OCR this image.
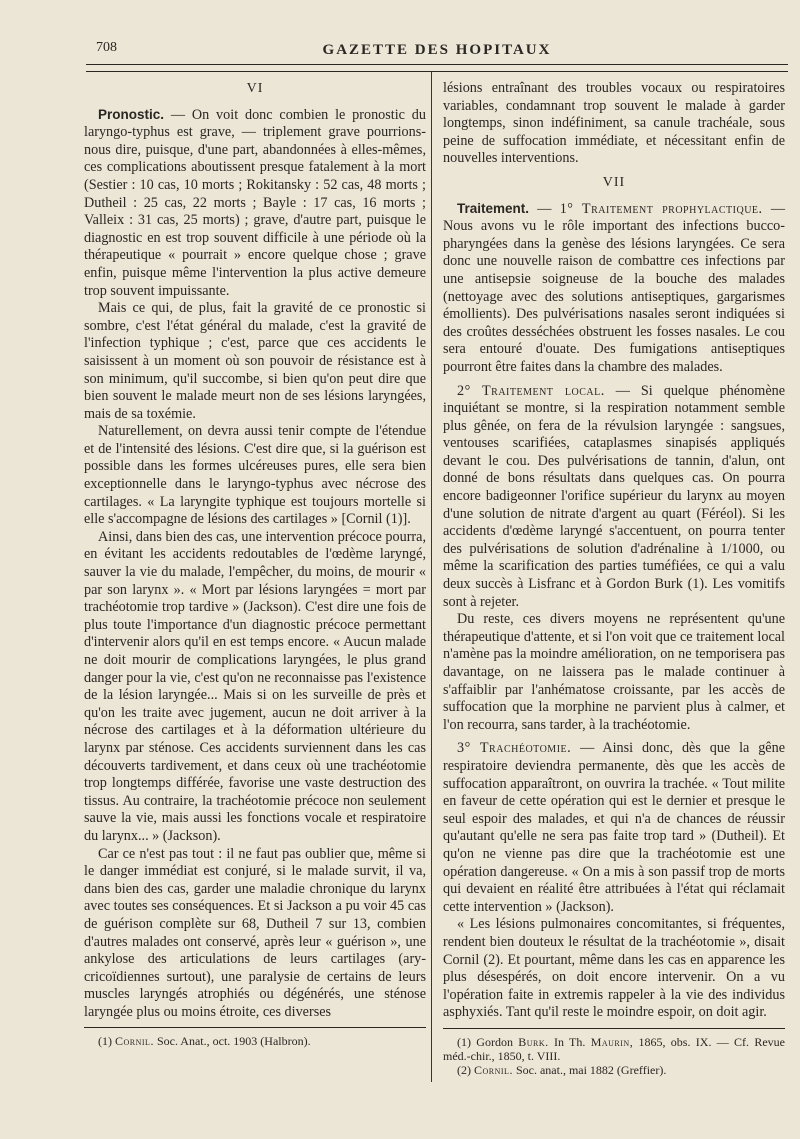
708	GAZETTE DES HOPITAUX
VI

Pronostic. — On voit donc combien le pronostic du laryngo-typhus est grave, — triplement grave pourrions-nous dire, puisque, d'une part, abandonnées à elles-mêmes, ces complications aboutissent presque fatalement à la mort (Sestier : 10 cas, 10 morts ; Rokitansky : 52 cas, 48 morts ; Dutheil : 25 cas, 22 morts ; Bayle : 17 cas, 16 morts ; Valleix : 31 cas, 25 morts) ; grave, d'autre part, puisque le diagnostic en est trop souvent difficile à une période où la thérapeutique « pourrait » encore quelque chose ; grave enfin, puisque même l'intervention la plus active demeure trop souvent impuissante.

Mais ce qui, de plus, fait la gravité de ce pronostic si sombre, c'est l'état général du malade, c'est la gravité de l'infection typhique ; c'est, parce que ces accidents le saisissent à un moment où son pouvoir de résistance est à son minimum, qu'il succombe, si bien qu'on peut dire que bien souvent le malade meurt non de ses lésions laryngées, mais de sa toxémie.

Naturellement, on devra aussi tenir compte de l'étendue et de l'intensité des lésions. C'est dire que, si la guérison est possible dans les formes ulcéreuses pures, elle sera bien exceptionnelle dans le laryngo-typhus avec nécrose des cartilages. « La laryngite typhique est toujours mortelle si elle s'accompagne de lésions des cartilages » [Cornil (1)].

Ainsi, dans bien des cas, une intervention précoce pourra, en évitant les accidents redoutables de l'œdème laryngé, sauver la vie du malade, l'empêcher, du moins, de mourir « par son larynx ». « Mort par lésions laryngées = mort par trachéotomie trop tardive » (Jackson). C'est dire une fois de plus toute l'importance d'un diagnostic précoce permettant d'intervenir alors qu'il en est temps encore. « Aucun malade ne doit mourir de complications laryngées, le plus grand danger pour la vie, c'est qu'on ne reconnaisse pas l'existence de la lésion laryngée... Mais si on les surveille de près et qu'on les traite avec jugement, aucun ne doit arriver à la nécrose des cartilages et à la déformation ultérieure du larynx par sténose. Ces accidents surviennent dans les cas découverts tardivement, et dans ceux où une trachéotomie trop longtemps différée, favorise une vaste destruction des tissus. Au contraire, la trachéotomie précoce non seulement sauve la vie, mais aussi les fonctions vocale et respiratoire du larynx... » (Jackson).

Car ce n'est pas tout : il ne faut pas oublier que, même si le danger immédiat est conjuré, si le malade survit, il va, dans bien des cas, garder une maladie chronique du larynx avec toutes ses conséquences. Et si Jackson a pu voir 45 cas de guérison complète sur 68, Dutheil 7 sur 13, combien d'autres malades ont conservé, après leur « guérison », une ankylose des articulations de leurs cartilages (ary-cricoïdiennes surtout), une paralysie de certains de leurs muscles laryngés atrophiés ou dégénérés, une sténose laryngée plus ou moins étroite, ces diverses

(1) Cornil. Soc. Anat., oct. 1903 (Halbron).

lésions entraînant des troubles vocaux ou respiratoires variables, condamnant trop souvent le malade à garder longtemps, sinon indéfiniment, sa canule trachéale, sous peine de suffocation immédiate, et nécessitant enfin de nouvelles interventions.

VII

Traitement. — 1° Traitement prophylactique. — Nous avons vu le rôle important des infections bucco-pharyngées dans la genèse des lésions laryngées. Ce sera donc une nouvelle raison de combattre ces infections par une antisepsie soigneuse de la bouche des malades (nettoyage avec des solutions antiseptiques, gargarismes émollients). Des pulvérisations nasales seront indiquées si des croûtes desséchées obstruent les fosses nasales. Le cou sera entouré d'ouate. Des fumigations antiseptiques pourront être faites dans la chambre des malades.

2° Traitement local. — Si quelque phénomène inquiétant se montre, si la respiration notamment semble plus gênée, on fera de la révulsion laryngée : sangsues, ventouses scarifiées, cataplasmes sinapisés appliqués devant le cou. Des pulvérisations de tannin, d'alun, ont donné de bons résultats dans quelques cas. On pourra encore badigeonner l'orifice supérieur du larynx au moyen d'une solution de nitrate d'argent au quart (Féréol). Si les accidents d'œdème laryngé s'accentuent, on pourra tenter des pulvérisations de solution d'adrénaline à 1/1000, ou même la scarification des parties tuméfiées, ce qui a valu deux succès à Lisfranc et à Gordon Burk (1). Les vomitifs sont à rejeter.

Du reste, ces divers moyens ne représentent qu'une thérapeutique d'attente, et si l'on voit que ce traitement local n'amène pas la moindre amélioration, on ne temporisera pas davantage, on ne laissera pas le malade continuer à s'affaiblir par l'anhématose croissante, par les accès de suffocation que la morphine ne parvient plus à calmer, et l'on recourra, sans tarder, à la trachéotomie.

3° Trachéotomie. — Ainsi donc, dès que la gêne respiratoire deviendra permanente, dès que les accès de suffocation apparaîtront, on ouvrira la trachée. « Tout milite en faveur de cette opération qui est le dernier et presque le seul espoir des malades, et qui n'a de chances de réussir qu'autant qu'elle ne sera pas faite trop tard » (Dutheil). Et qu'on ne vienne pas dire que la trachéotomie est une opération dangereuse. « On a mis à son passif trop de morts qui devaient en réalité être attribuées à l'état qui réclamait cette intervention » (Jackson).

« Les lésions pulmonaires concomitantes, si fréquentes, rendent bien douteux le résultat de la trachéotomie », disait Cornil (2). Et pourtant, même dans les cas en apparence les plus désespérés, on doit encore intervenir. On a vu l'opération faite in extremis rappeler à la vie des individus asphyxiés. Tant qu'il reste le moindre espoir, on doit agir.

(1) Gordon Burk. In Th. Maurin, 1865, obs. IX. — Cf. Revue méd.-chir., 1850, t. VIII.

(2) Cornil. Soc. anat., mai 1882 (Greffier).
